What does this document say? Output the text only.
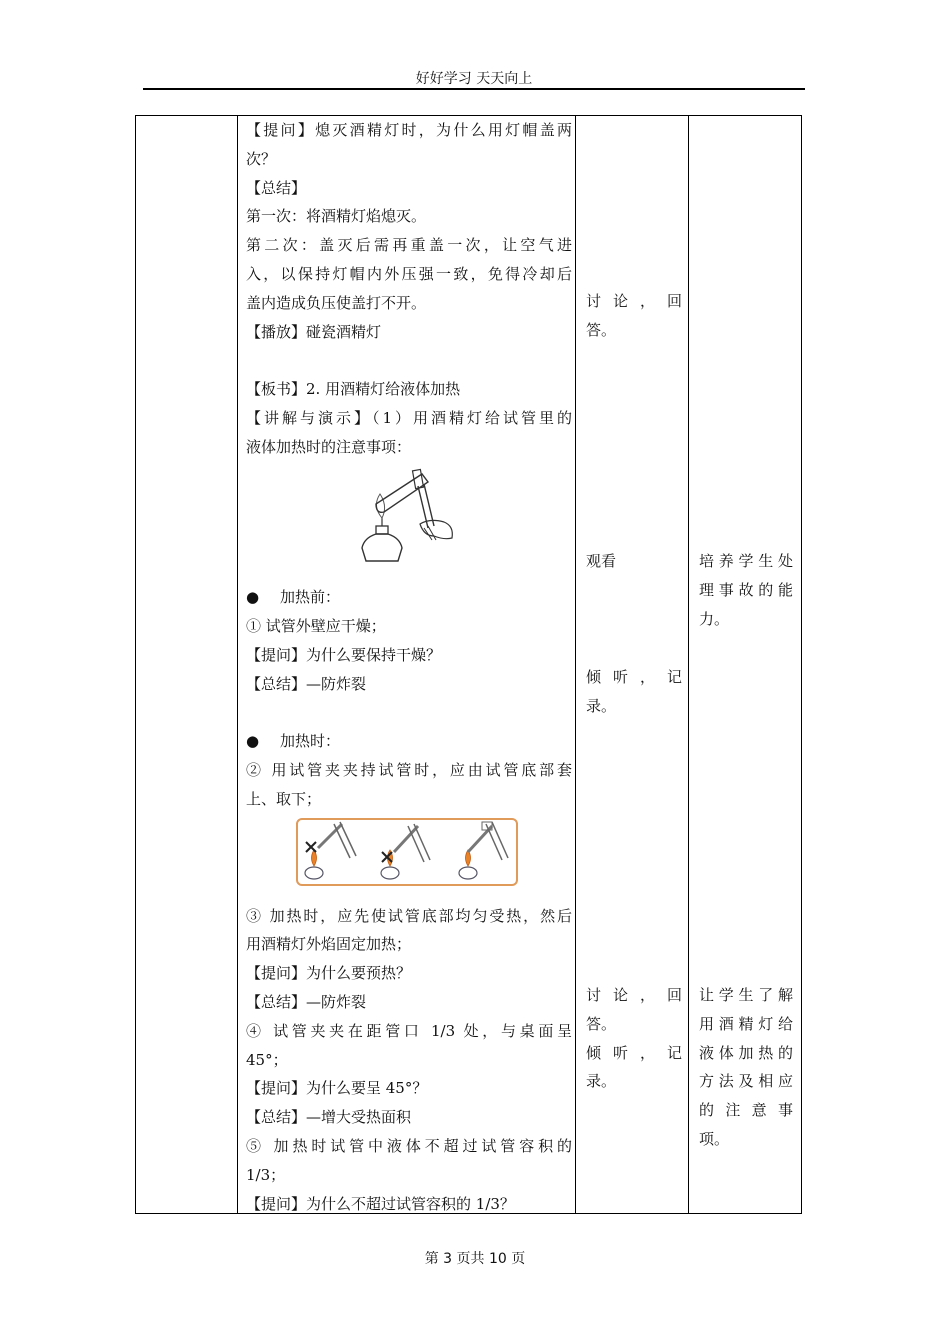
好好学习 天天向上
【提问】熄灭酒精灯时，为什么用灯帽盖两
次？
【总结】
第一次：将酒精灯焰熄灭。
第二次：盖灭后需再重盖一次，让空气进
入，以保持灯帽内外压强一致，免得冷却后
盖内造成负压使盖打不开。
【播放】碰瓷酒精灯
【板书】2. 用酒精灯给液体加热
【讲解与演示】（1）用酒精灯给试管里的
液体加热时的注意事项：
● 加热前：
① 试管外壁应干燥；
【提问】为什么要保持干燥？
【总结】—防炸裂
● 加热时：
② 用试管夹夹持试管时，应由试管底部套
上、取下；
③ 加热时，应先使试管底部均匀受热，然后
用酒精灯外焰固定加热；
【提问】为什么要预热？
【总结】—防炸裂
④ 试管夹夹在距管口 1/3 处，与桌面呈
45°；
【提问】为什么要呈 45°？
【总结】—增大受热面积
⑤ 加热时试管中液体不超过试管容积的
1/3；
【提问】为什么不超过试管容积的 1/3？
讨 论 ， 回
答。
观看
倾 听 ， 记
录。
讨 论 ， 回
答。
倾 听 ， 记
录。
培养学生处
理事故的能
力。
让学生了解
用酒精灯给
液体加热的
方法及相应
的 注 意 事
项。
第 3 页共 10 页
